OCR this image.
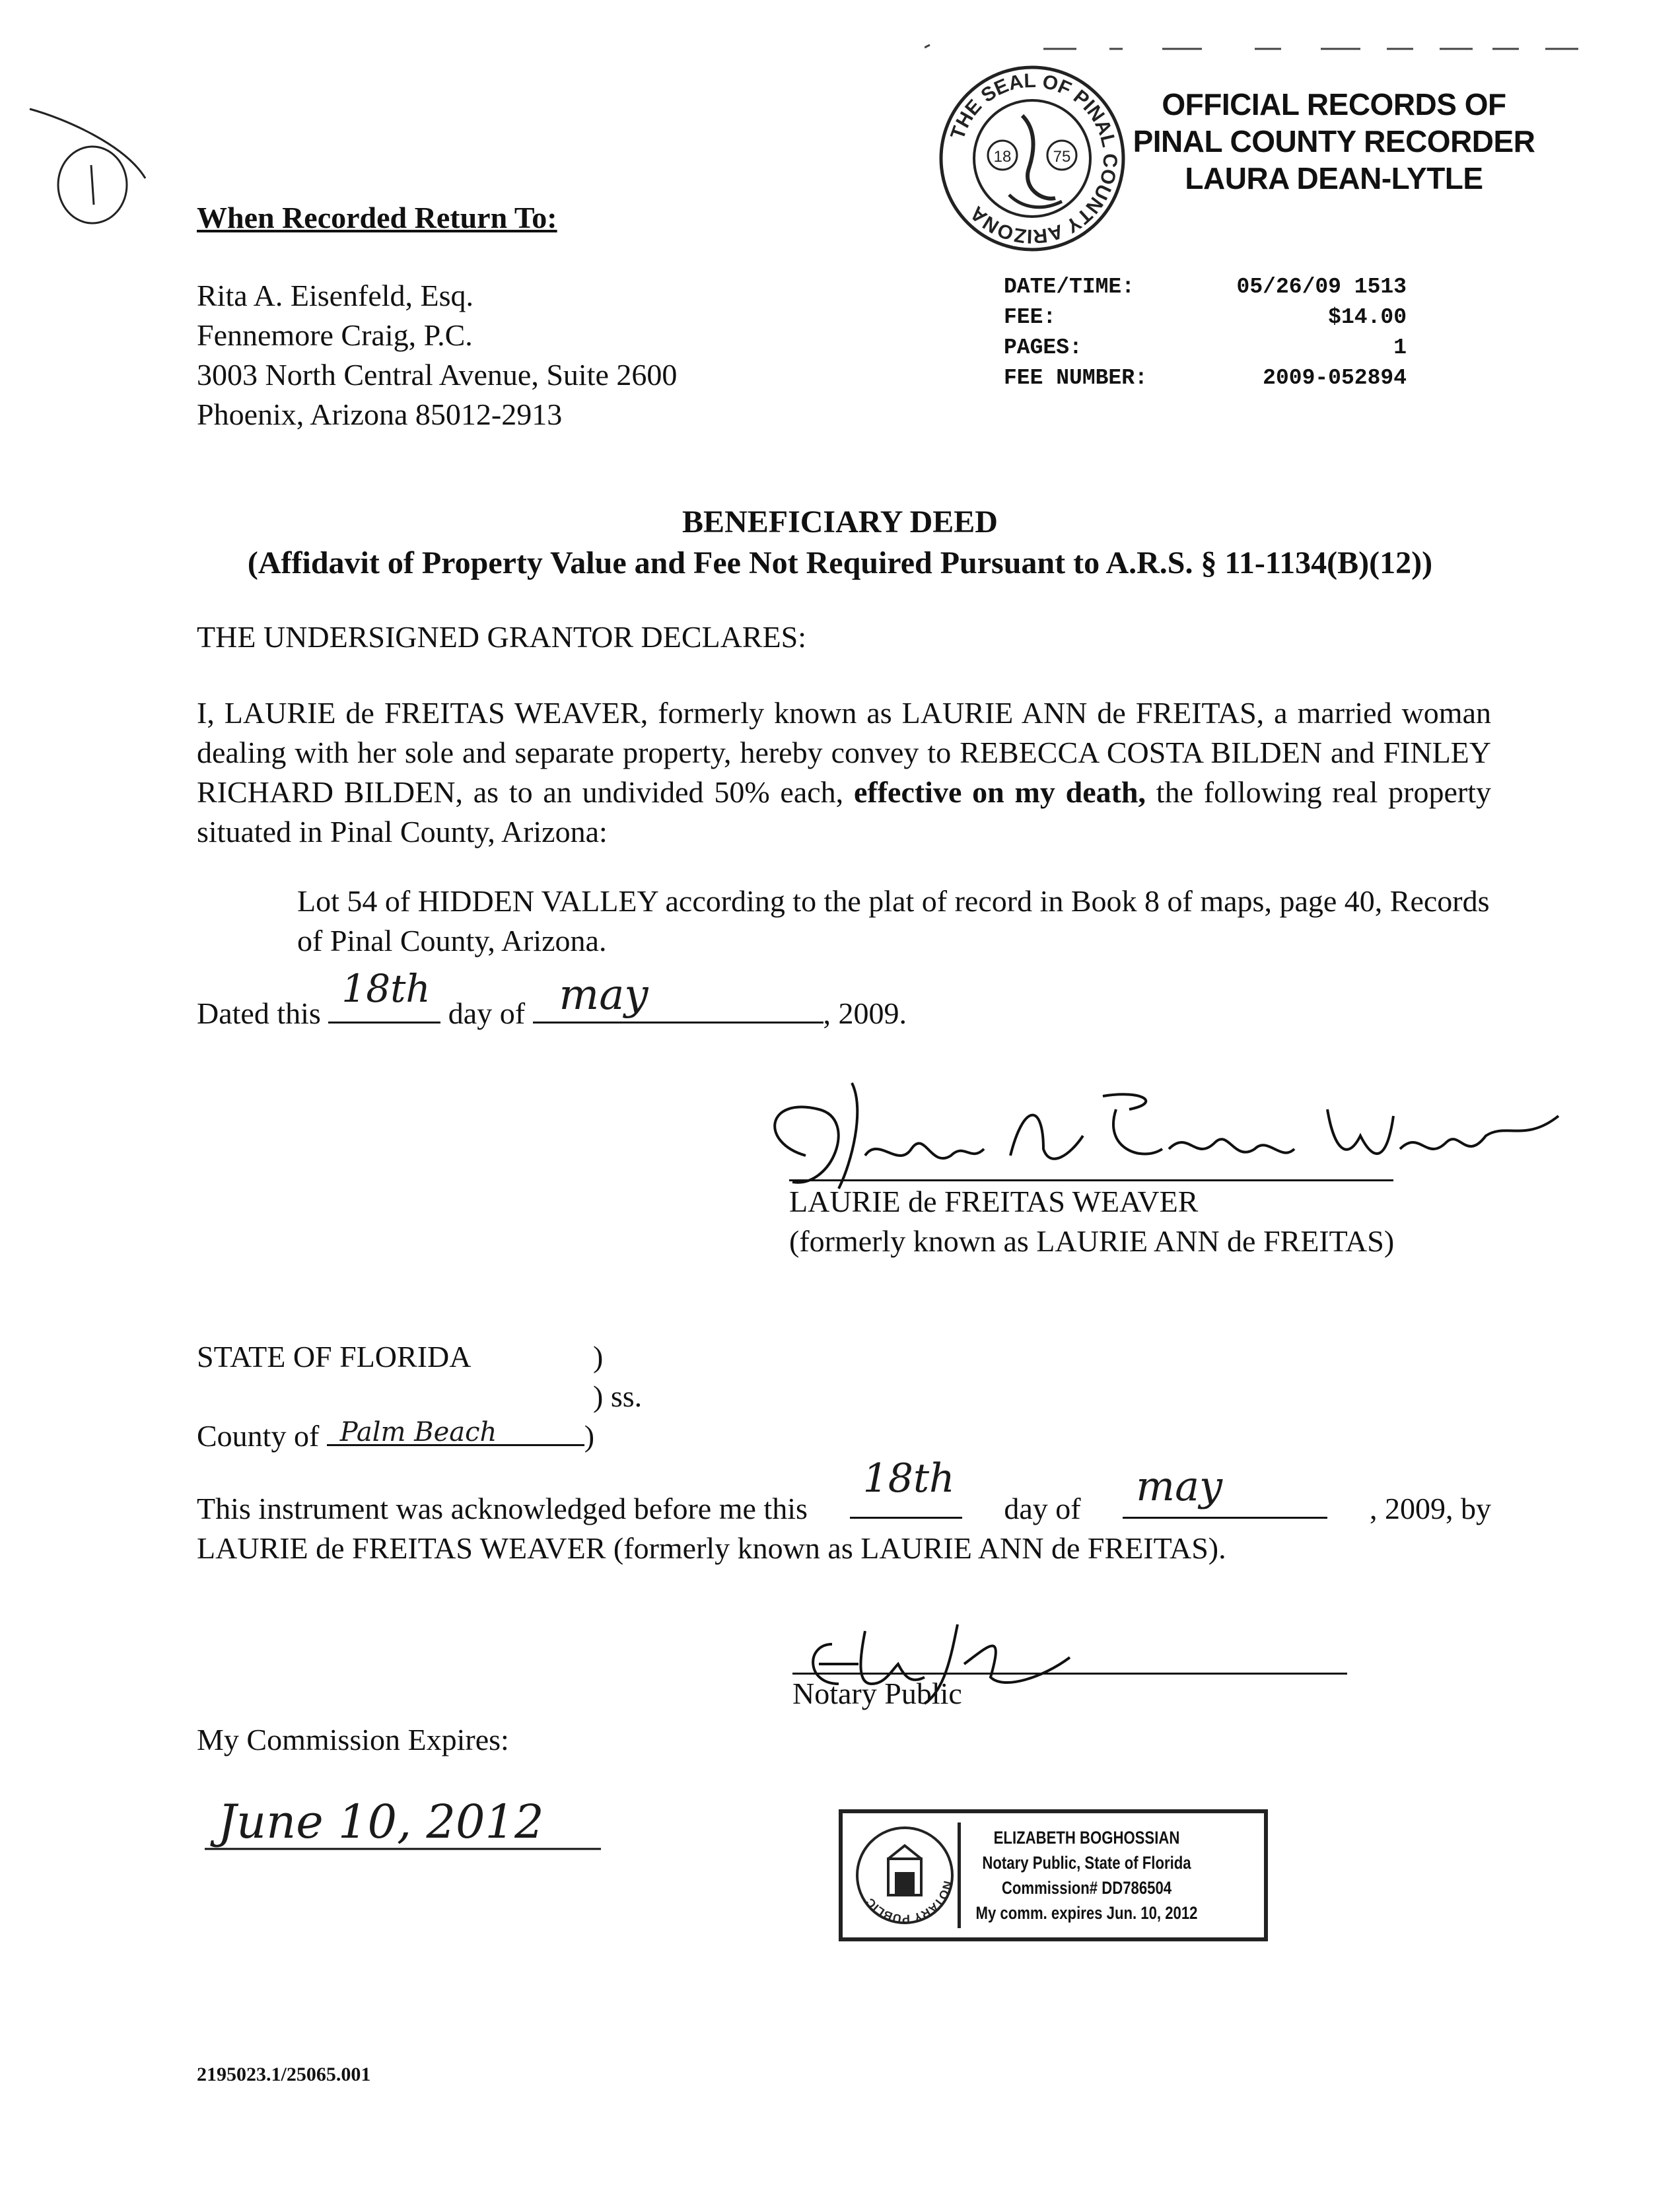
THE SEAL OF PINAL COUNTY ARIZONA
18	75
OFFICIAL RECORDS OF
PINAL COUNTY RECORDER
LAURA DEAN-LYTLE
When Recorded Return To:
Rita A. Eisenfeld, Esq.
Fennemore Craig, P.C.
3003 North Central Avenue, Suite 2600
Phoenix, Arizona 85012-2913
DATE/TIME:	05/26/09 1513
FEE:	$14.00
PAGES:	1
FEE NUMBER:	2009-052894
BENEFICIARY DEED
(Affidavit of Property Value and Fee Not Required Pursuant to A.R.S. § 11-1134(B)(12))
THE UNDERSIGNED GRANTOR DECLARES:
I, LAURIE de FREITAS WEAVER, formerly known as LAURIE ANN de FREITAS, a married woman dealing with her sole and separate property, hereby convey to REBECCA COSTA BILDEN and FINLEY RICHARD BILDEN, as to an undivided 50% each, effective on my death, the following real property situated in Pinal County, Arizona:
Lot 54 of HIDDEN VALLEY according to the plat of record in Book 8 of maps, page 40, Records of Pinal County, Arizona.
Dated this
18th
day of may	, 2009.
LAURIE de FREITAS WEAVER
(formerly known as LAURIE ANN de FREITAS)
STATE OF FLORIDA	)
) ss.
County of Palm Beach	)
This instrument was acknowledged before me this
18th
day of may	, 2009, by
LAURIE de FREITAS WEAVER (formerly known as LAURIE ANN de FREITAS).
Notary Public
My Commission Expires:
June 10, 2012
NOTARY PUBLIC
ELIZABETH BOGHOSSIAN
Notary Public, State of Florida
Commission# DD786504
My comm. expires Jun. 10, 2012
2195023.1/25065.001
